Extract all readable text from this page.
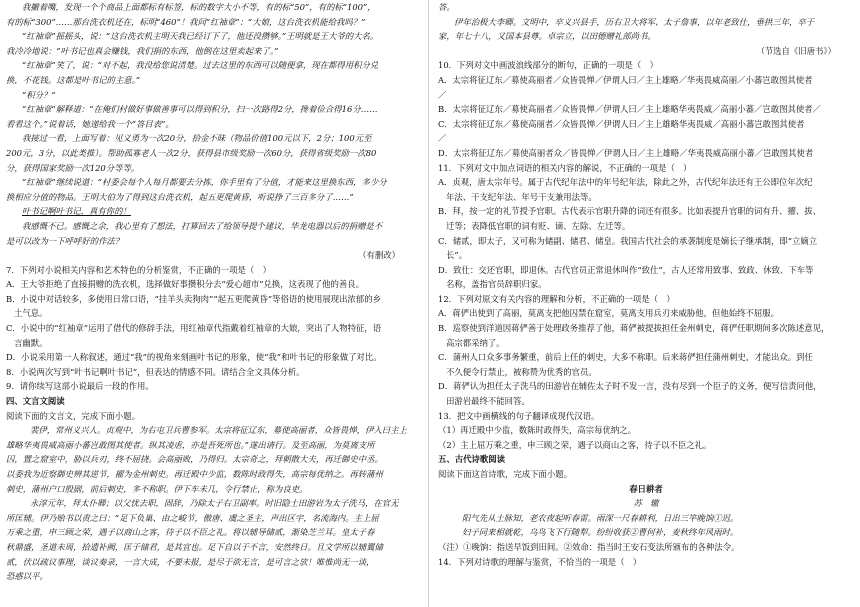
我撇着嘴，发现一个个商品上面都标有标签，标的数字大小不等，有的标“50”，有的标“100”，

有的标“300”……那台洗衣机还在，标明“460”！我问“红袖章”：“大娘，这台洗衣机能给我吗？”

“红袖章”摇摇头，说：“这台洗衣机主明天我已经订下了，他还没攒够。”王明就是王大爷的大名。

我冷冷地说：“叶书记也真会赚钱，我们捐的东西，他倒在这里卖起来了。”

“红袖章”笑了，说：“对不起，我没给您说清楚。过去这里的东西可以随便拿，现在都得用积分兑

换，不花钱。这都是叶书记的主意。”

“积分？”

“红袖章”解释道：“在俺们村做好事做善事可以得到积分，扫一次路得2分，搀着俭合得16分……

看看这个。”说着话，她递给我一个“答目表”。

我接过一看，上面写着：见义勇为一次20分，拾金不昧（物品价值100元以下，2分；100元至

200元，3分，以此类推）。帮助孤寡老人一次2分，获得县市级奖励一次60分，获得省级奖励一次80

分，获得国家奖励一次120分等等。

“红袖章”继续说道：“村委会每个人每月都要去分拣，你手里有了分值，才能来这里换东西，多少分

换相应分值的物品。王明大伯为了得到这台洗衣机，起五更爬黄昏，听说挣了三百多分了……”

叶书记啊叶书记，真有你的！

我感慨不已。感慨之余，我心里有了想法，打算回去了给领导提个建议，华龙电器以后的捐赠是不

是可以改为一下呼呼好的作法？

（有删改）

7．下列对小说相关内容和艺术特色的分析鉴赏，不正确的一项是（　）

A．王大爷拒绝了直接捐赠的洗衣机，选择做好事攒积分去“爱心超市”兑换，这表现了他的善良。

B．小说中对话较多，多使用日常口语，“挂羊头卖狗肉”“起五更爬黄昏”等俗语的使用展现出浓郁的乡

土气息。

C．小说中的“红袖章”运用了借代的修辞手法，用红袖章代指戴着红袖章的大娘，突出了人物特征，语

言幽默。

D．小说采用第一人称叙述，通过“我”的视角来刻画叶书记的形象，使“我”和叶书记的形象做了对比。

8．小说两次写到“叶书记啊叶书记”，但表达的情感不同。请结合全文具体分析。

9．请你续写这部小说最后一段的作用。

四、文言文阅读

阅读下面的文言文，完成下面小题。

裴伊，常州义兴人。贞观中，为右屯卫兵曹参军。太宗将征辽东，募使高丽者，众皆畏惮，伊入曰主上

雄略华夷畏威高丽小蕃岂敢图其使者。纵其凌虐，亦是吾死所也。”遂出请行。及至高丽，为莫离支所

囚，置之窟室中，胁以兵刃，终不屈挠。会高丽败，乃得归。太宗奇之，拜朝散大夫，再迁御史中丞。

以委我为近察御史辨其逆节，擢为金州刺史。再迁殿中少监，数陈时政得失，高宗每优纳之。再转蒲州

刺史，蒲州户口殷剧，前后刺史，多不称职。伊下车未几，令行禁止，称为良吏。

永淳元年，拜太仆卿；以父忧去职，固辞，乃除太子右卫副率。时旧隐士田游岩为太子洗马，在官无

所匡辅。伊乃贻书以责之曰：“足下负巢、由之峻节，傲唐、虞之圣主，声出区宇，名流海内。主上屈

万乘之重，申三顾之荣，遇子以商山之客，待子以不臣之礼。将以辅导储贰，渐染芝兰耳。皇太子春

秋鼎盛，圣道未周，拾遗补阙，匡于储君，是其宜也。足下自以于不言，安然终日。且文学所以辅翼储

贰，伏以疏议事理，谈议奏录，一言大成，不要未报，是尽于欲无言，是可言之欤！唯惟尚无一谈，

恐惑以平。

答。

伊年治极大李卿。文明中，卒义兴县手，历右卫大将军、太子詹事，以年老致仕，垂拱三年，卒于

家，年七十八，又国本县尊。卓宗立，以田德赠礼部尚书。

（节选自《旧唐书》）

10．下列对文中画波浪线部分的断句，正确的一项是（　）

A．太宗将征辽东／募使高丽者／众皆畏惮／伊谓人曰／主上雄略／华夷畏威高丽／小蕃岂敢图其使者

／

B．太宗将征辽东／募使高丽者／众皆畏惮／伊谓人曰／主上雄略华夷畏威／高丽小蕃／岂敢图其使者／

C．太宗将征辽东／募使高丽者／众皆畏惮／伊谓人曰／主上雄略华夷畏威／高丽小蕃岂敢图其使者

／

D．太宗将征辽东／募使高丽者众／皆畏惮／伊谓人曰／主上雄略／华夷畏威高丽小蕃／岂敢图其使者

11．下列对文中加点词语的相关内容的解说，不正确的一项是（　）

A．贞观，唐太宗年号。属于古代纪年法中的年号纪年法，除此之外，古代纪年法还有王公即位年次纪

年法、干支纪年法、年号干支兼用法等。

B．拜，按一定的礼节授予官职。古代表示官职升降的词还有很多。比如表提升官职的词有升、擢、拔、

迁等；表降低官职的词有贬、谪、左除、左迁等。

C．储贰，即太子，又可称为储副、储君、储皇。我国古代社会的承袭制度是嫡长子继承制，即“立嫡立

长”。

D．致仕：交还官职，即退休。古代官员正常退休叫作“致仕”，古人还常用致事、致政、休致、下车等

名称，盖指官员辞职归家。

12．下列对原文有关内容的理解和分析，不正确的一项是（　）

A．蒋俨出使到了高丽，莫离支把他囚禁在窟室，莫离支用兵刃来威胁他，但他始终不屈服。

B．巡察使到洋道因蒋俨善于处理政务推荐了他，蒋俨被提拔担任金州刺史，蒋俨任职期间多次陈述意见，

高宗都采纳了。

C．蒲州人口众多事务繁重，前后上任的刺史，大多不称职。后来蒋俨担任蒲州刺史，才能出众。到任

不久便令行禁止，被称赞为优秀的官员。

D．蒋俨认为担任太子洗马的田游岩在辅佐太子时不发一言，没有尽到一个臣子的义务，便写信责问他，

田游岩最终不能回答。

13．把文中画横线的句子翻译成现代汉语。

（1）再迁殿中少监，数陈时政得失，高宗每优纳之。

（2）主上屈万乘之重，申三顾之荣，遇子以商山之客，待子以不臣之礼。

五、古代诗歌阅读

阅读下面这首诗歌，完成下面小题。

春日耕者

苏　辙

阳气先从土脉知，老农夜起听春雷。雨深一尺春耕利，日出三竿晚饷①迟。

妇子同来相就乾，乌鸟飞下行随犁。纷纷收获②曹何补，麦秋终年风雨时。

（注）①晚饷：指送早饭到田间。②效命：指当时王安石变法所颁布的各种法令。

14．下列对诗歌的理解与鉴赏，不恰当的一项是（　）
